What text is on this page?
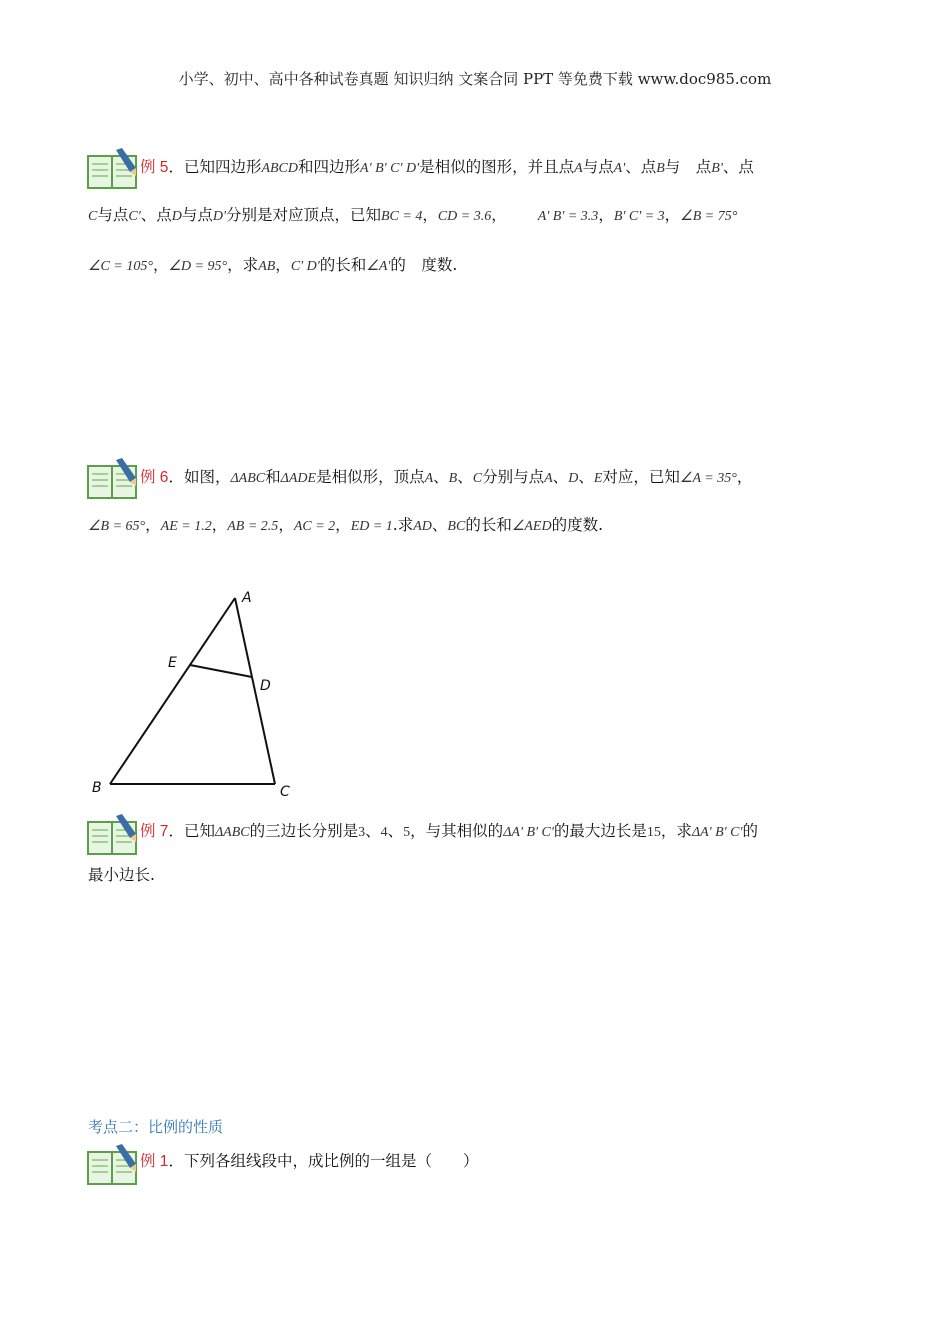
小学、初中、高中各种试卷真题 知识归纳 文案合同 PPT 等免费下载 www.doc985.com
例 5．已知四边形ABCD和四边形A' B' C' D'是相似的图形，并且点A与点A'、点B与　点B'、点
C与点C'、点D与点D'分别是对应顶点，已知BC = 4，CD = 3.6，  A' B' = 3.3，B' C' = 3，∠B = 75°
∠C = 105°，∠D = 95°，求AB，C' D'的长和∠A'的　度数.
例 6．如图，ΔABC和ΔADE是相似形，顶点A、B、C分别与点A、D、E对应，已知∠A = 35°，
∠B = 65°，AE = 1.2，AB = 2.5，AC = 2，ED = 1.求AD、BC的长和∠AED的度数.
A
B	C
D
E
例 7．已知ΔABC的三边长分别是3、4、5，与其相似的ΔA' B' C'的最大边长是15，求ΔA' B' C'的
最小边长.
考点二：比例的性质
例 1．下列各组线段中，成比例的一组是（　　）
